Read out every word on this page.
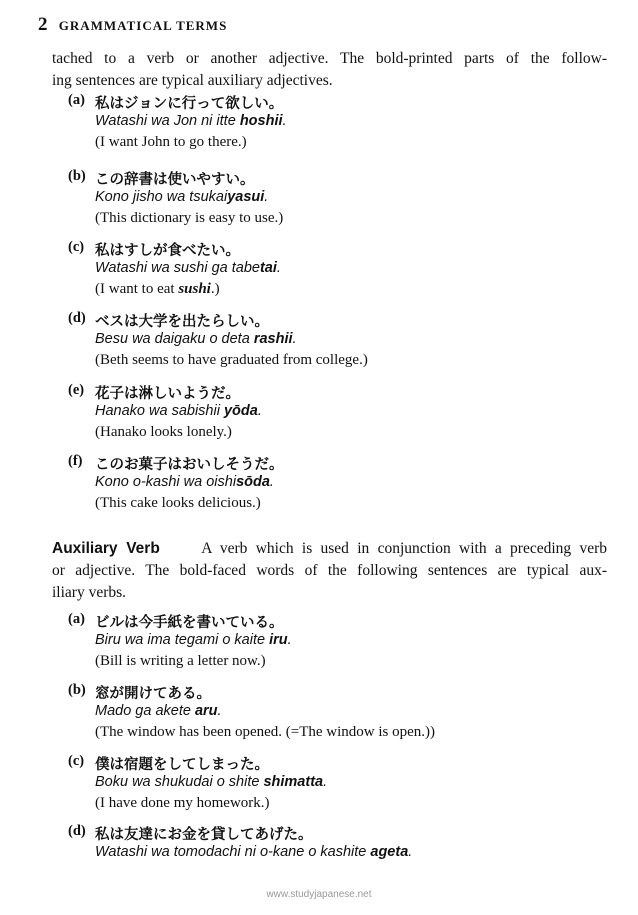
2 GRAMMATICAL TERMS
tached to a verb or another adjective. The bold-printed parts of the follow-
ing sentences are typical auxiliary adjectives.
(a) 私はジョンに行って欲しい。
Watashi wa Jon ni itte hoshii.
(I want John to go there.)
(b) この辞書は使いやすい。
Kono jisho wa tsukaiyasui.
(This dictionary is easy to use.)
(c) 私はすしが食べたい。
Watashi wa sushi ga tabetai.
(I want to eat sushi.)
(d) ベスは大学を出たらしい。
Besu wa daigaku o deta rashii.
(Beth seems to have graduated from college.)
(e) 花子は淋しいようだ。
Hanako wa sabishii yōda.
(Hanako looks lonely.)
(f) このお菓子はおいしそうだ。
Kono o-kashi wa oishisōda.
(This cake looks delicious.)
Auxiliary Verb	A verb which is used in conjunction with a preceding verb
or adjective. The bold-faced words of the following sentences are typical aux-
iliary verbs.
(a) ビルは今手紙を書いている。
Biru wa ima tegami o kaite iru.
(Bill is writing a letter now.)
(b) 窓が開けてある。
Mado ga akete aru.
(The window has been opened. (=The window is open.))
(c) 僕は宿題をしてしまった。
Boku wa shukudai o shite shimatta.
(I have done my homework.)
(d) 私は友達にお金を貸してあげた。
Watashi wa tomodachi ni o-kane o kashite ageta.
www.studyjapanese.net
